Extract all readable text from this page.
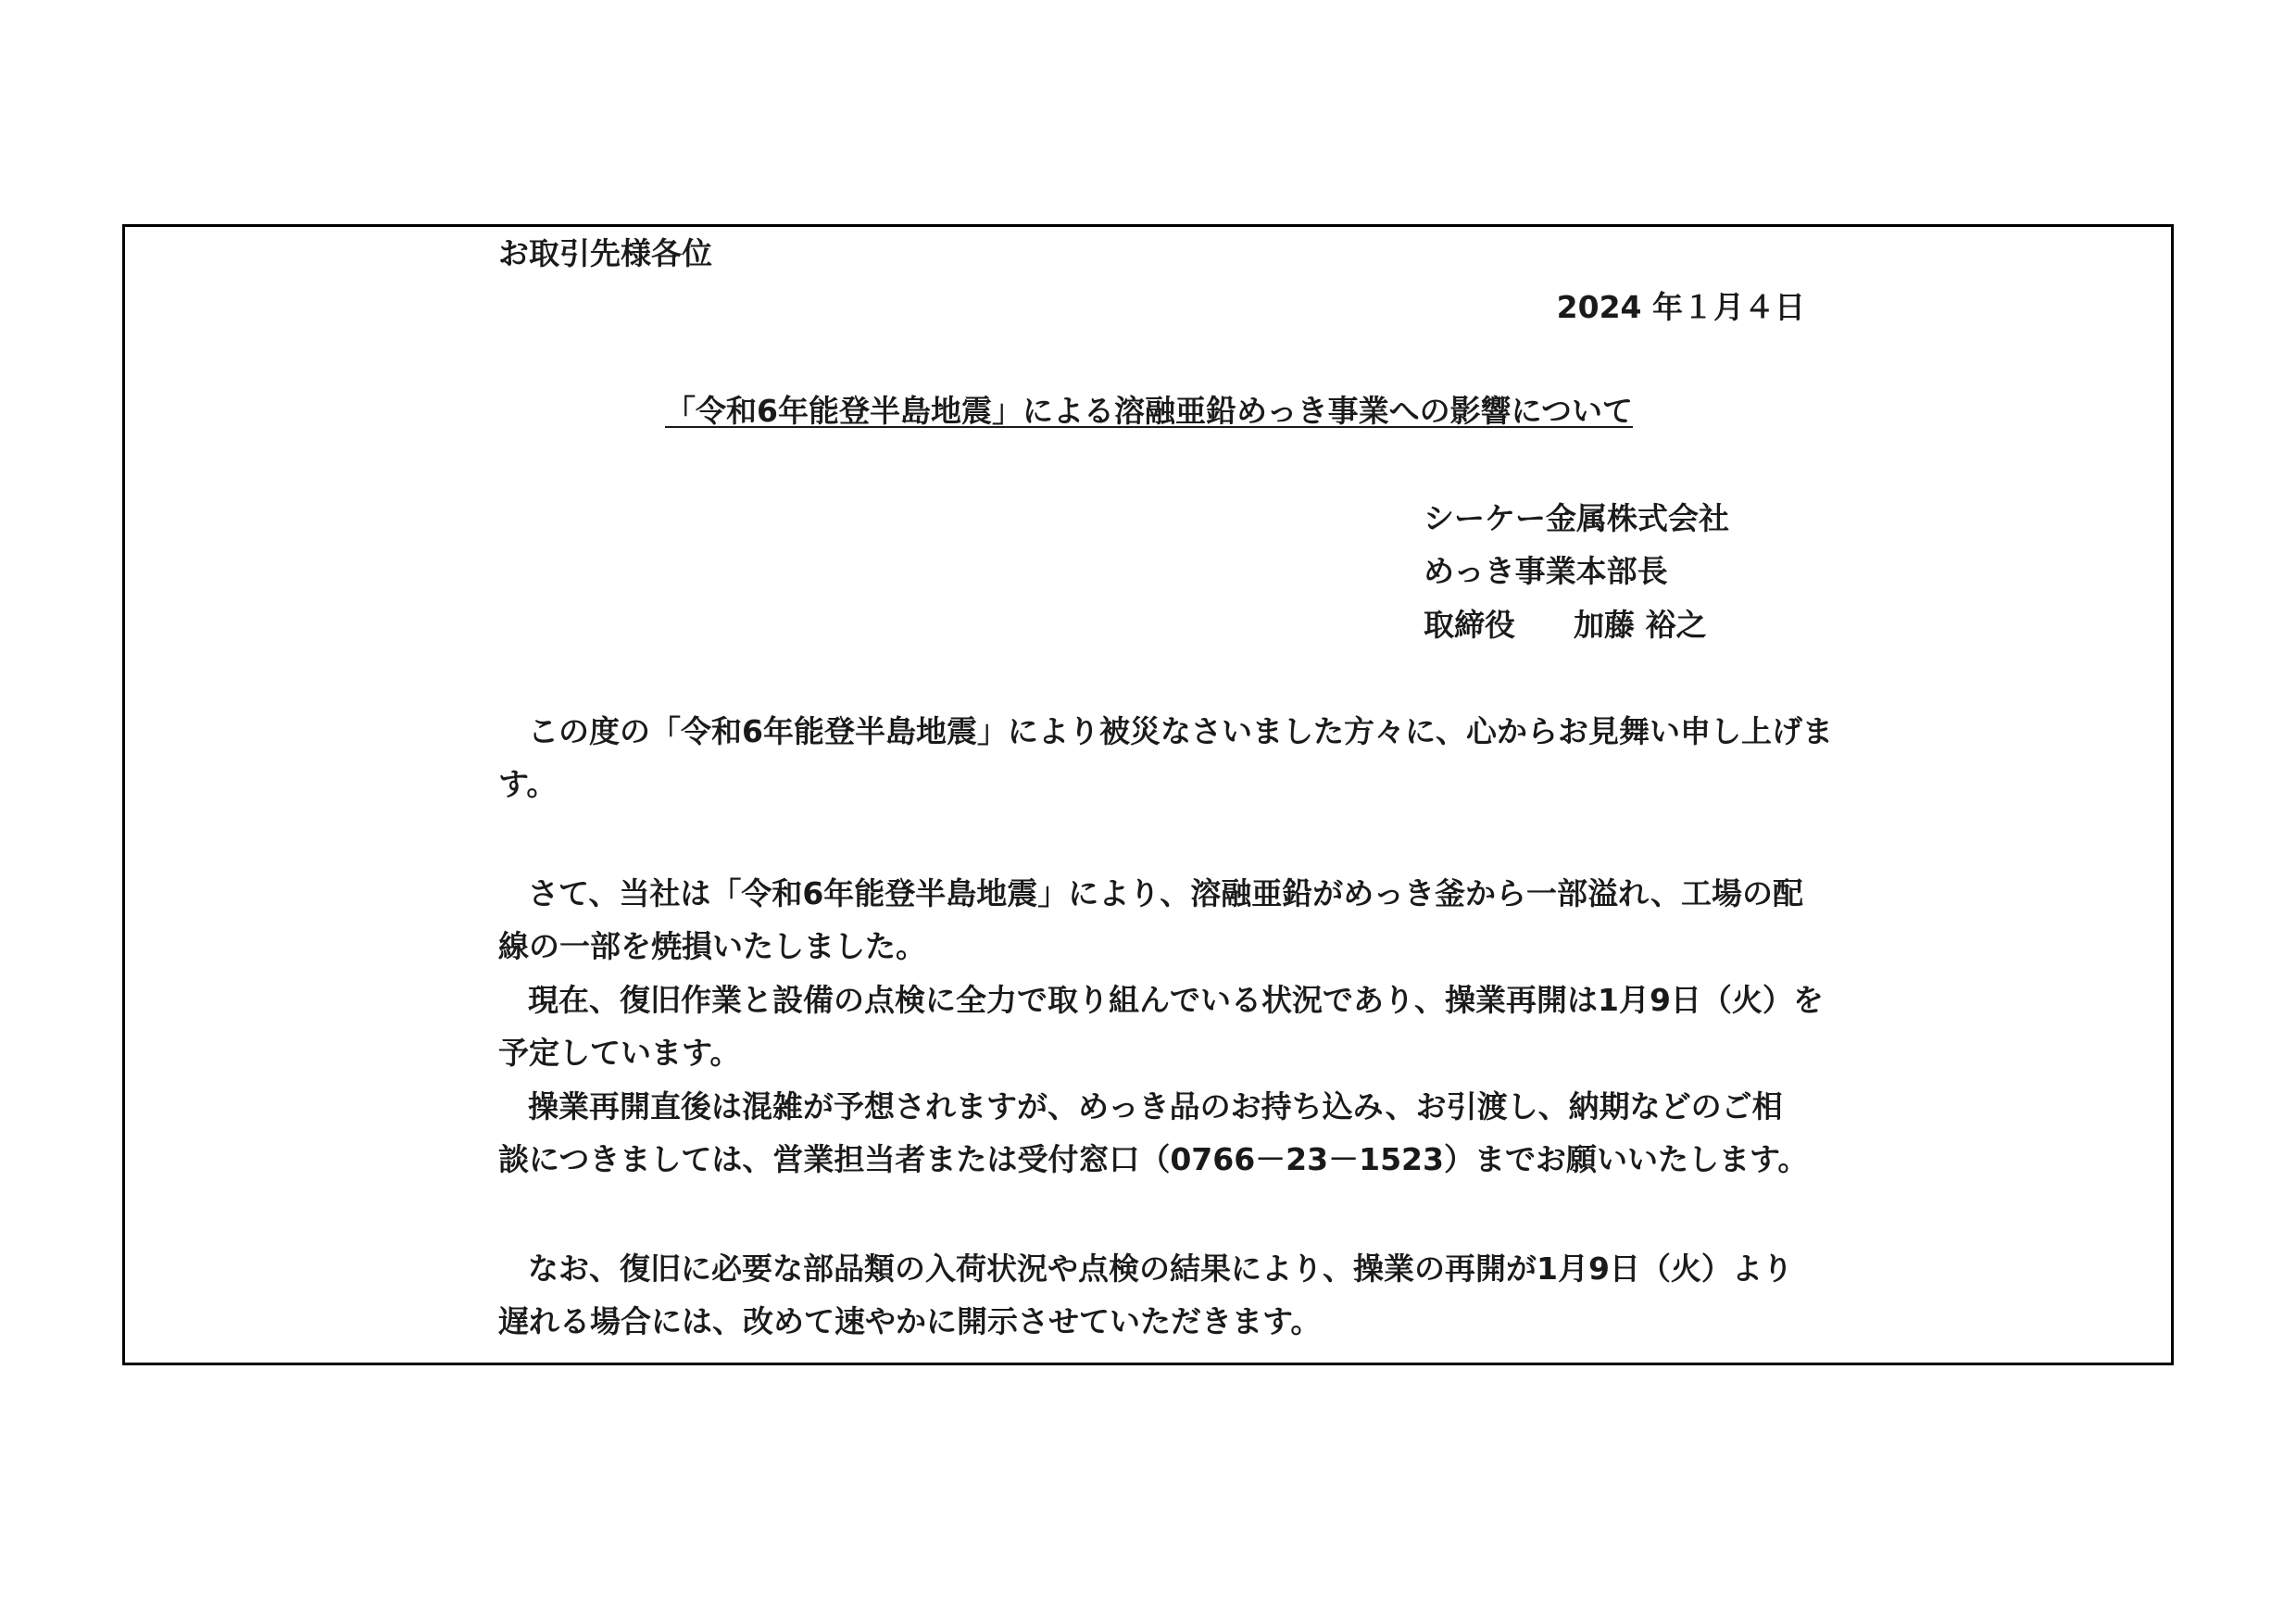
お取引先様各位
2024 年１月４日
「令和6年能登半島地震」による溶融亜鉛めっき事業への影響について
シーケー金属株式会社
めっき事業本部長
取締役 加藤 裕之
この度の「令和6年能登半島地震」により被災なさいました方々に、心からお見舞い申し上げま
す。
さて、当社は「令和6年能登半島地震」により、溶融亜鉛がめっき釜から一部溢れ、工場の配
線の一部を焼損いたしました。
現在、復旧作業と設備の点検に全力で取り組んでいる状況であり、操業再開は1月9日（火）を
予定しています。
操業再開直後は混雑が予想されますが、めっき品のお持ち込み、お引渡し、納期などのご相
談につきましては、営業担当者または受付窓口（0766－23－1523）までお願いいたします。
なお、復旧に必要な部品類の入荷状況や点検の結果により、操業の再開が1月9日（火）より
遅れる場合には、改めて速やかに開示させていただきます。
